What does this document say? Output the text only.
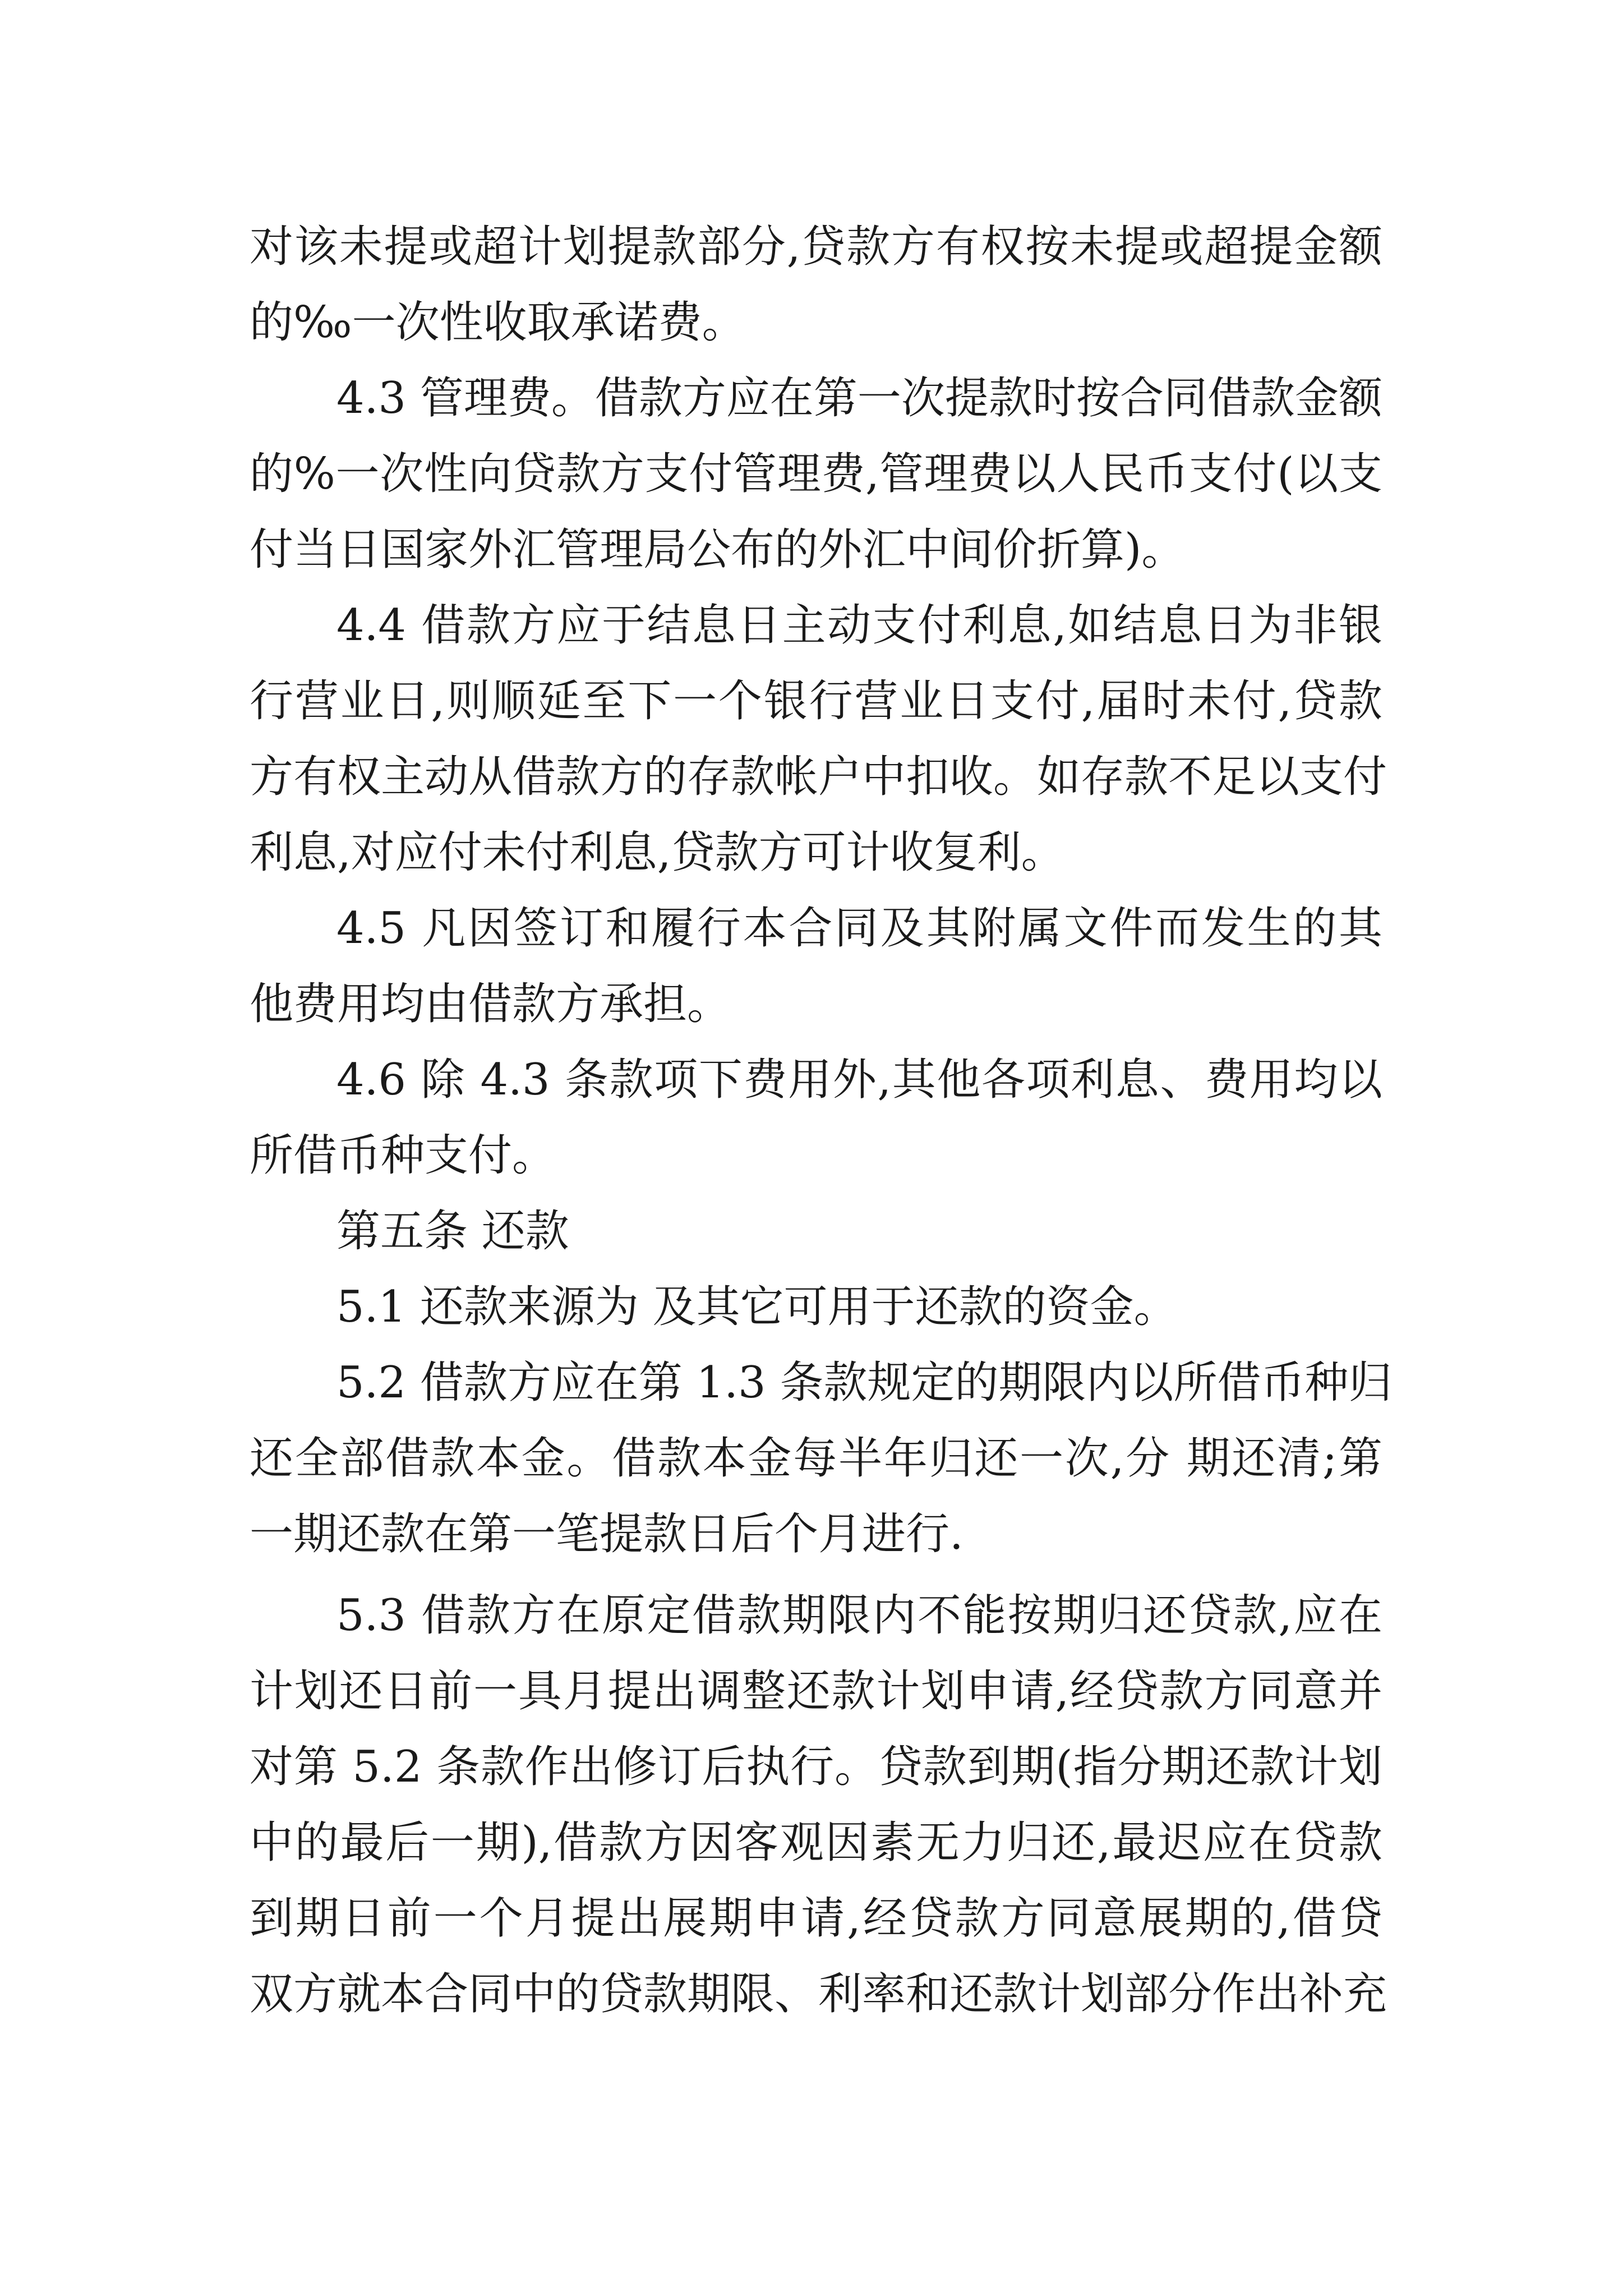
对该未提或超计划提款部分,贷款方有权按未提或超提金额
的‰一次性收取承诺费。
4.3 管理费。借款方应在第一次提款时按合同借款金额
的%一次性向贷款方支付管理费,管理费以人民币支付(以支
付当日国家外汇管理局公布的外汇中间价折算)。
4.4 借款方应于结息日主动支付利息,如结息日为非银
行营业日,则顺延至下一个银行营业日支付,届时未付,贷款
方有权主动从借款方的存款帐户中扣收。如存款不足以支付
利息,对应付未付利息,贷款方可计收复利。
4.5 凡因签订和履行本合同及其附属文件而发生的其
他费用均由借款方承担。
4.6 除 4.3 条款项下费用外,其他各项利息、费用均以
所借币种支付。
第五条 还款
5.1 还款来源为 及其它可用于还款的资金。
5.2 借款方应在第 1.3 条款规定的期限内以所借币种归
还全部借款本金。借款本金每半年归还一次,分 期还清;第
一期还款在第一笔提款日后个月进行.
5.3 借款方在原定借款期限内不能按期归还贷款,应在
计划还日前一具月提出调整还款计划申请,经贷款方同意并
对第 5.2 条款作出修订后执行。贷款到期(指分期还款计划
中的最后一期),借款方因客观因素无力归还,最迟应在贷款
到期日前一个月提出展期申请,经贷款方同意展期的,借贷
双方就本合同中的贷款期限、利率和还款计划部分作出补充
